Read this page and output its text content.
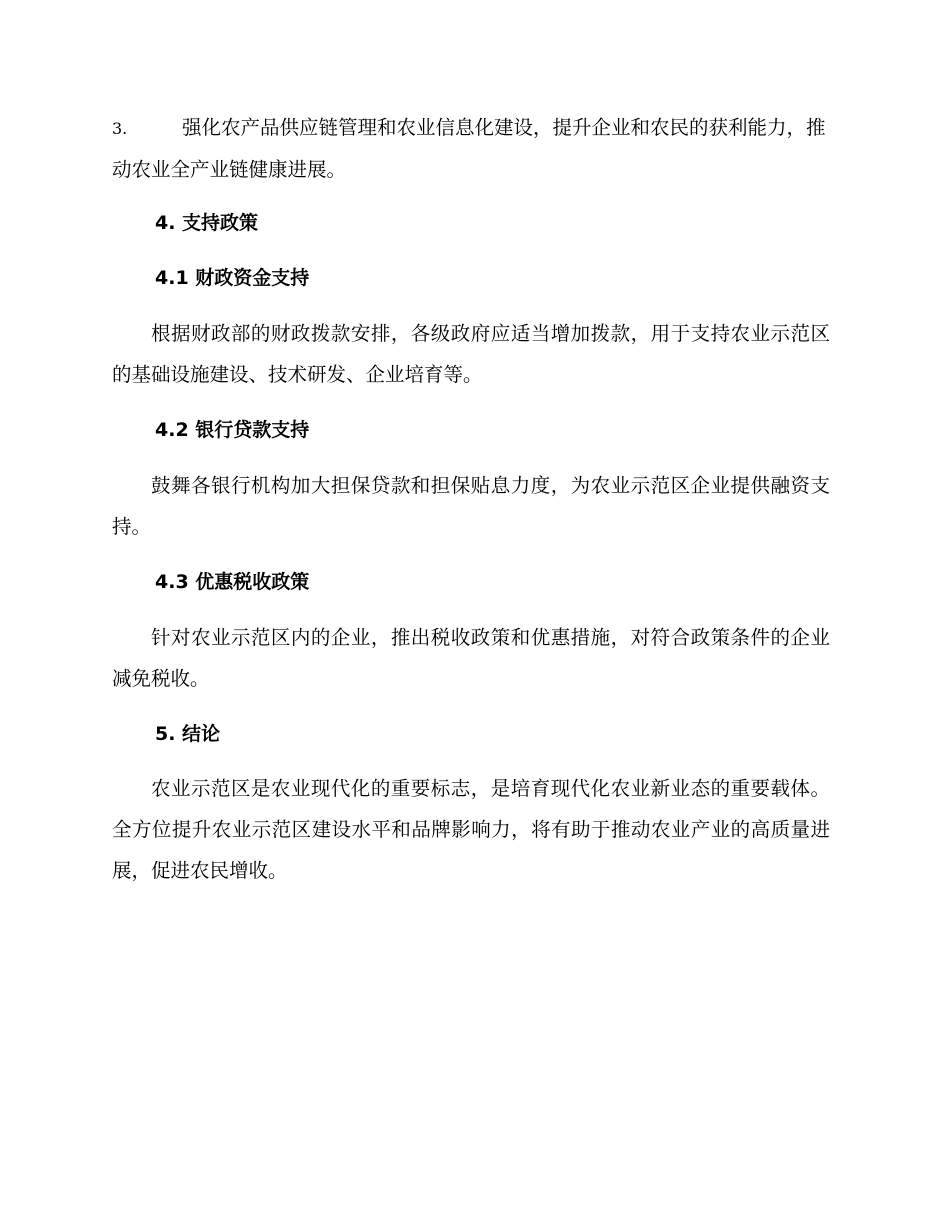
3.	强化农产品供应链管理和农业信息化建设，提升企业和农民的获利能力，推动农业全产业链健康进展。

4. 支持政策

4.1 财政资金支持

根据财政部的财政拨款安排，各级政府应适当增加拨款，用于支持农业示范区的基础设施建设、技术研发、企业培育等。

4.2 银行贷款支持

鼓舞各银行机构加大担保贷款和担保贴息力度，为农业示范区企业提供融资支持。

4.3 优惠税收政策

针对农业示范区内的企业，推出税收政策和优惠措施，对符合政策条件的企业减免税收。

5. 结论

农业示范区是农业现代化的重要标志，是培育现代化农业新业态的重要载体。全方位提升农业示范区建设水平和品牌影响力，将有助于推动农业产业的高质量进展，促进农民增收。
